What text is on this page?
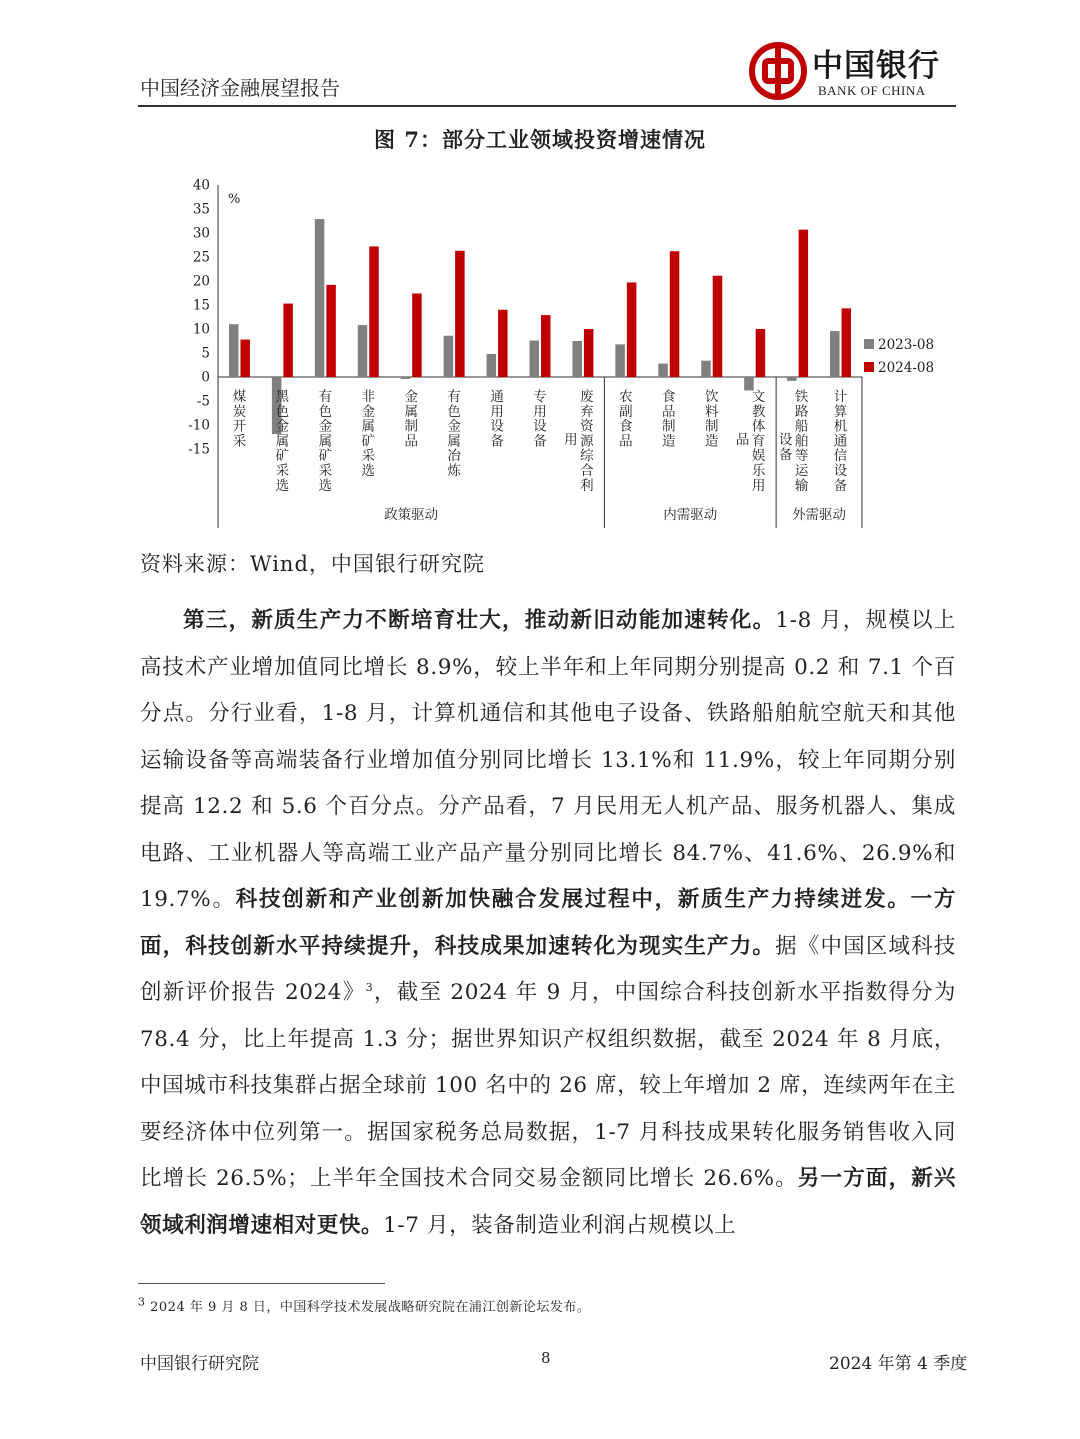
中国经济金融展望报告
中国银行
BANK OF CHINA
图 7：部分工业领域投资增速情况
40
35
30
25
20
15
10
5
0
-5
-10
-15
%
煤
炭
开
采
黑
色
金
属
矿
采
选
有
色
金
属
矿
采
选
非
金
属
矿
采
选
金
属
制
品
有
色
金
属
冶
炼
通
用
设
备
专
用
设
备
废
弃
资
源
综
合
利
用
农
副
食
品
食
品
制
造
饮
料
制
造
文
教
体
育
娱
乐
用
品
铁
路
船
舶
等
运
输
设
备
计
算
机
通
信
设
备
政策驱动	内需驱动	外需驱动
2023-08
2024-08
资料来源：Wind，中国银行研究院

第三，新质生产力不断培育壮大，推动新旧动能加速转化。1-8 月，规模以上高技术产业增加值同比增长 8.9%，较上半年和上年同期分别提高 0.2 和 7.1 个百分点。分行业看，1-8 月，计算机通信和其他电子设备、铁路船舶航空航天和其他运输设备等高端装备行业增加值分别同比增长 13.1%和 11.9%，较上年同期分别提高 12.2 和 5.6 个百分点。分产品看，7 月民用无人机产品、服务机器人、集成电路、工业机器人等高端工业产品产量分别同比增长 84.7%、41.6%、26.9%和 19.7%。科技创新和产业创新加快融合发展过程中，新质生产力持续迸发。一方面，科技创新水平持续提升，科技成果加速转化为现实生产力。据《中国区域科技创新评价报告 2024》$^3$，截至 2024 年 9 月，中国综合科技创新水平指数得分为 78.4 分，比上年提高 1.3 分；据世界知识产权组织数据，截至 2024 年 8 月底，中国城市科技集群占据全球前 100 名中的 26 席，较上年增加 2 席，连续两年在主要经济体中位列第一。据国家税务总局数据，1-7 月科技成果转化服务销售收入同比增长 26.5%；上半年全国技术合同交易金额同比增长 26.6%。另一方面，新兴领域利润增速相对更快。1-7 月，装备制造业利润占规模以上

$^3$ 2024 年 9 月 8 日，中国科学技术发展战略研究院在浦江创新论坛发布。
中国银行研究院	8	2024 年第 4 季度
